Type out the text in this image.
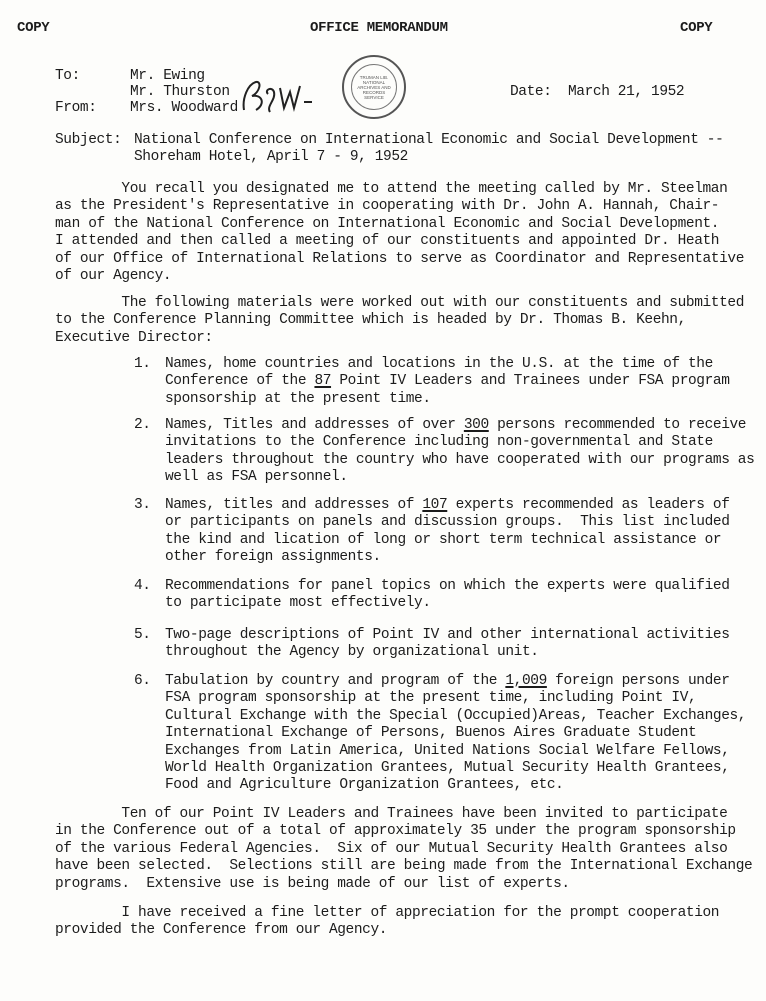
COPY	OFFICE MEMORANDUM	COPY
TRUMAN LIB.
NATIONAL
ARCHIVES AND
RECORDS
SERVICE
To:	Mr. Ewing
Mr. Thurston
From: Mrs. Woodward
Date: March 21, 1952
Subject: National Conference on International Economic and Social Development --
Shoreham Hotel, April 7 - 9, 1952
You recall you designated me to attend the meeting called by Mr. Steelman
as the President's Representative in cooperating with Dr. John A. Hannah, Chair-
man of the National Conference on International Economic and Social Development.
I attended and then called a meeting of our constituents and appointed Dr. Heath
of our Office of International Relations to serve as Coordinator and Representative
of our Agency.
The following materials were worked out with our constituents and submitted
to the Conference Planning Committee which is headed by Dr. Thomas B. Keehn,
Executive Director:
1. Names, home countries and locations in the U.S. at the time of the
Conference of the 87 Point IV Leaders and Trainees under FSA program
sponsorship at the present time.
2. Names, Titles and addresses of over 300 persons recommended to receive
invitations to the Conference including non-governmental and State
leaders throughout the country who have cooperated with our programs as
well as FSA personnel.
3. Names, titles and addresses of 107 experts recommended as leaders of
or participants on panels and discussion groups.  This list included
the kind and lication of long or short term technical assistance or
other foreign assignments.
4. Recommendations for panel topics on which the experts were qualified
to participate most effectively.
5. Two-page descriptions of Point IV and other international activities
throughout the Agency by organizational unit.
6. Tabulation by country and program of the 1,009 foreign persons under
FSA program sponsorship at the present time, including Point IV,
Cultural Exchange with the Special (Occupied)Areas, Teacher Exchanges,
International Exchange of Persons, Buenos Aires Graduate Student
Exchanges from Latin America, United Nations Social Welfare Fellows,
World Health Organization Grantees, Mutual Security Health Grantees,
Food and Agriculture Organization Grantees, etc.
Ten of our Point IV Leaders and Trainees have been invited to participate
in the Conference out of a total of approximately 35 under the program sponsorship
of the various Federal Agencies.  Six of our Mutual Security Health Grantees also
have been selected.  Selections still are being made from the International Exchange
programs.  Extensive use is being made of our list of experts.
I have received a fine letter of appreciation for the prompt cooperation
provided the Conference from our Agency.
